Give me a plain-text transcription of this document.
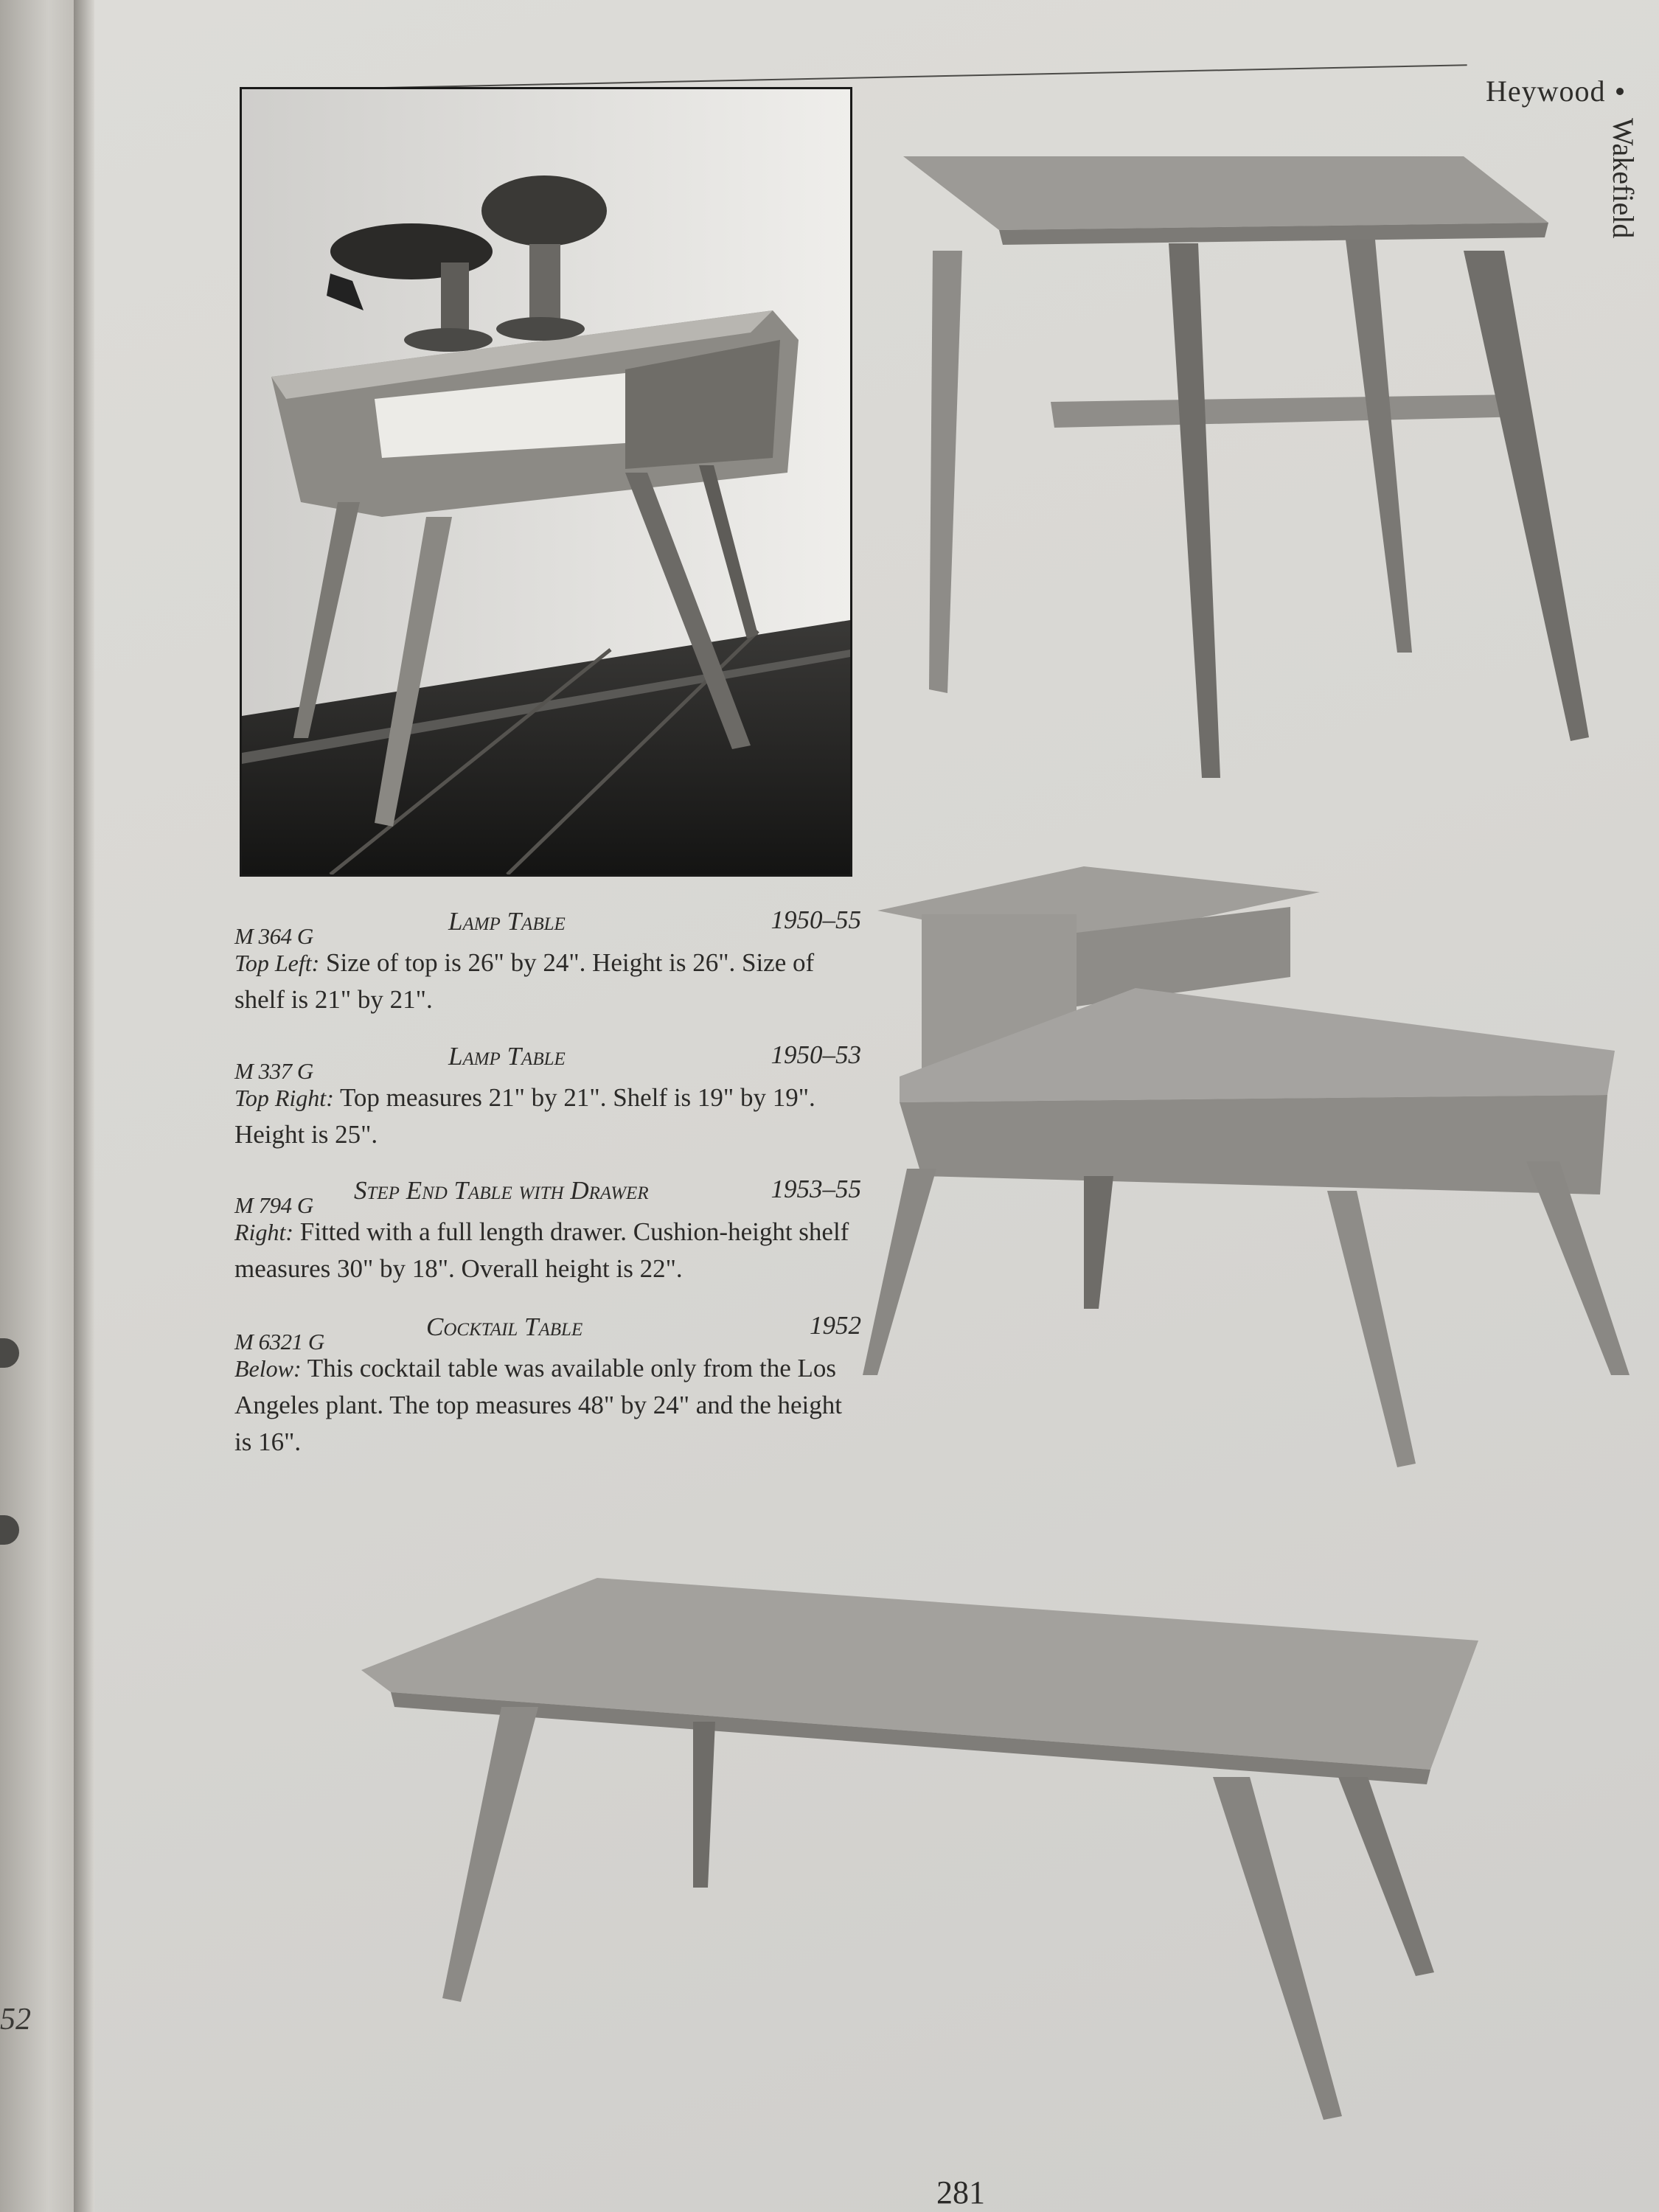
52
Heywood
Wakefield
M 364 G
Lamp Table	1950–55
Top Left: Size of top is 26" by 24". Height is 26". Size of shelf is 21" by 21".
M 337 G
Lamp Table	1950–53
Top Right: Top measures 21" by 21". Shelf is 19" by 19". Height is 25".
M 794 G
Step End Table with Drawer	1953–55
Right: Fitted with a full length drawer. Cushion-height shelf measures 30" by 18". Overall height is 22".
M 6321 G
Cocktail Table	1952
Below: This cocktail table was available only from the Los Angeles plant. The top measures 48" by 24" and the height is 16".
281
